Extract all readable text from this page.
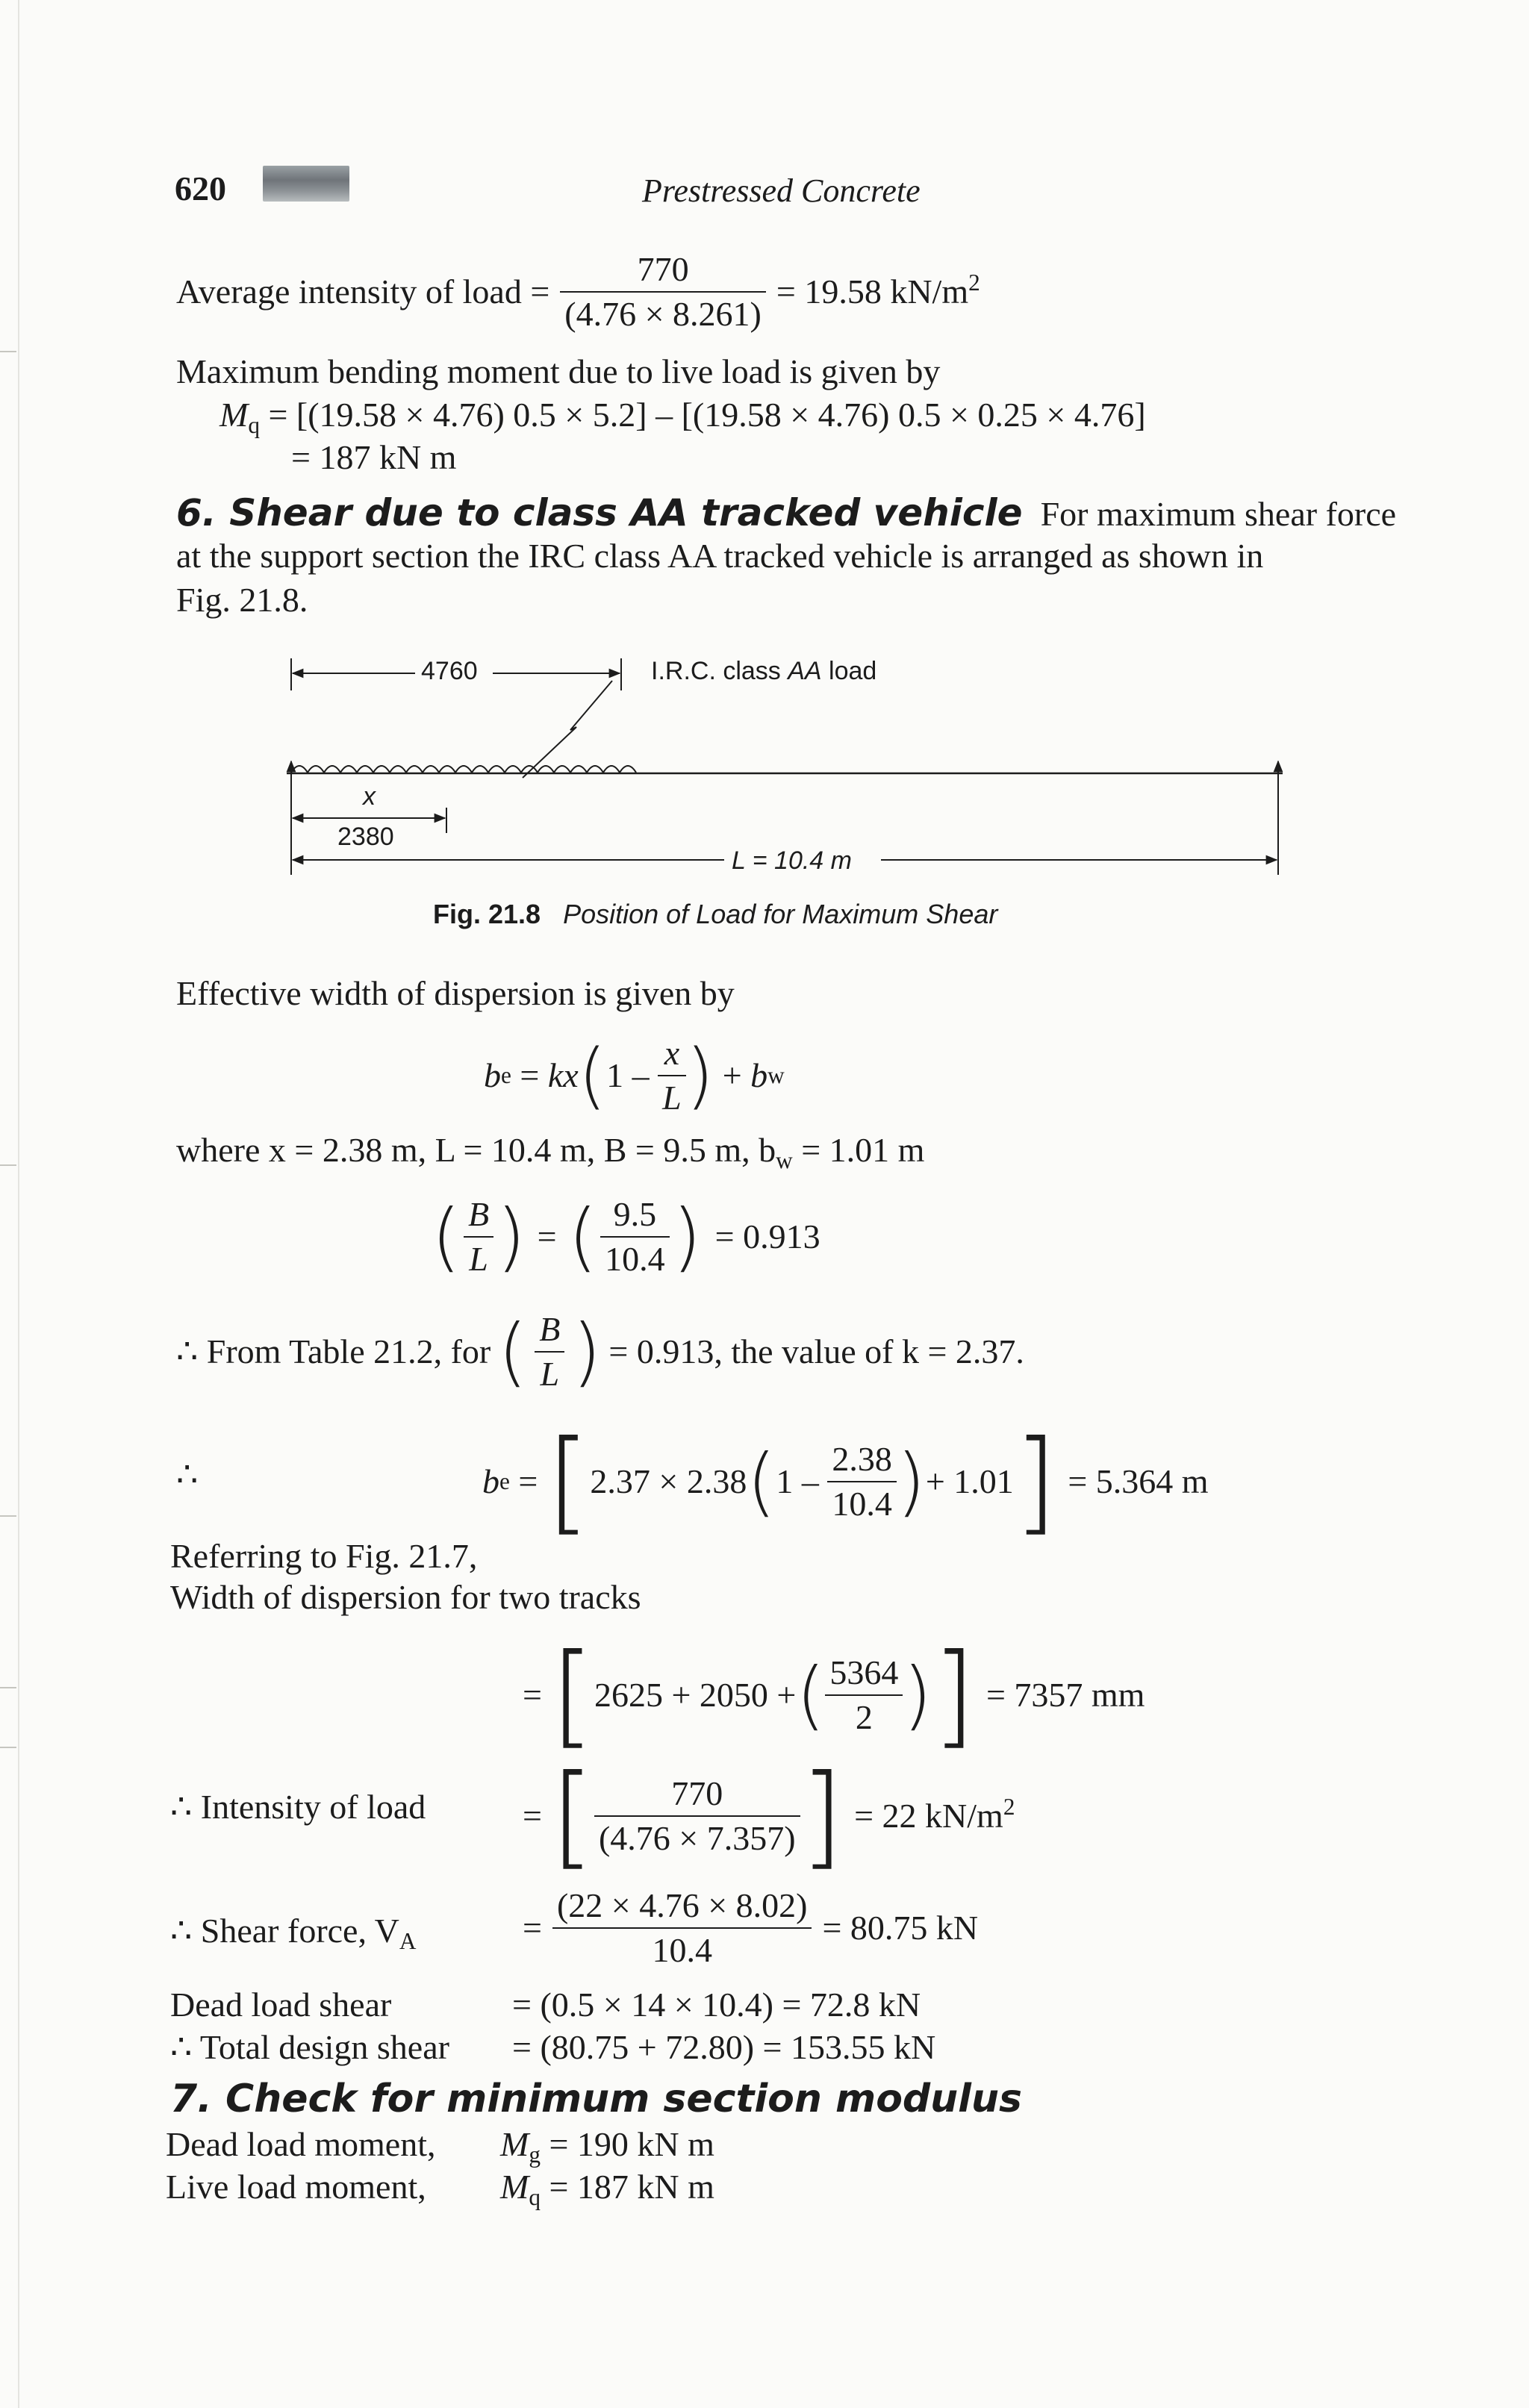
620	Prestressed Concrete
Average intensity of load = $\frac{770}{(4.76 \times 8.261)} = 19.58$ $kN/m^2$
Maximum bending moment due to live load is given by
$M_q = [(19.58 \times 4.76) 0.5 \times 5.2] - [(19.58 \times 4.76) 0.5 \times 0.25 \times 4.76]$
= 187 kN m
6. Shear due to class AA tracked vehicle For maximum shear force
at the support section the IRC class AA tracked vehicle is arranged as shown in
Fig. 21.8.
4760	I.R.C. class AA load
x
2380
L = 10.4 m
Fig. 21.8 Position of Load for Maximum Shear
Effective width of dispersion is given by
b e = kx ( $1 - \frac{x}{L}$ ) + b w
where x = 2.38 m, L = 10.4 m, B = 9.5 m, $b_w = 1.01$ m
( $\frac{B}{L}$ ) = ( $\frac{9.5}{10.4}$ ) = 0.913
∴ From Table 21.2, for ( $\frac{B}{L}$ ) = 0.913, the value of k = 2.37.
∴	b e = [ 2.37 × 2.38 ( $1 - \frac{2.38}{10.4}$ ) + 1.01 ] = 5.364 m
Referring to Fig. 21.7,
Width of dispersion for two tracks
= [ 2625 + 2050 + ( $\frac{5364}{2}$ ) ] = 7357 mm
∴ Intensity of load	= [ $\frac{770}{(4.76 \times 7.357)}$ ] = 22 $kN/m^2$
∴ Shear force, $V_A$	= $\frac{(22 \times 4.76 \times 8.02)}{10.4} = 80.75$ kN
Dead load shear	= (0.5 × 14 × 10.4) = 72.8 kN
∴ Total design shear = (80.75 + 72.80) = 153.55 kN
7. Check for minimum section modulus
Dead load moment, $M_g = 190$ kN m
Live load moment, $M_q = 187$ kN m
